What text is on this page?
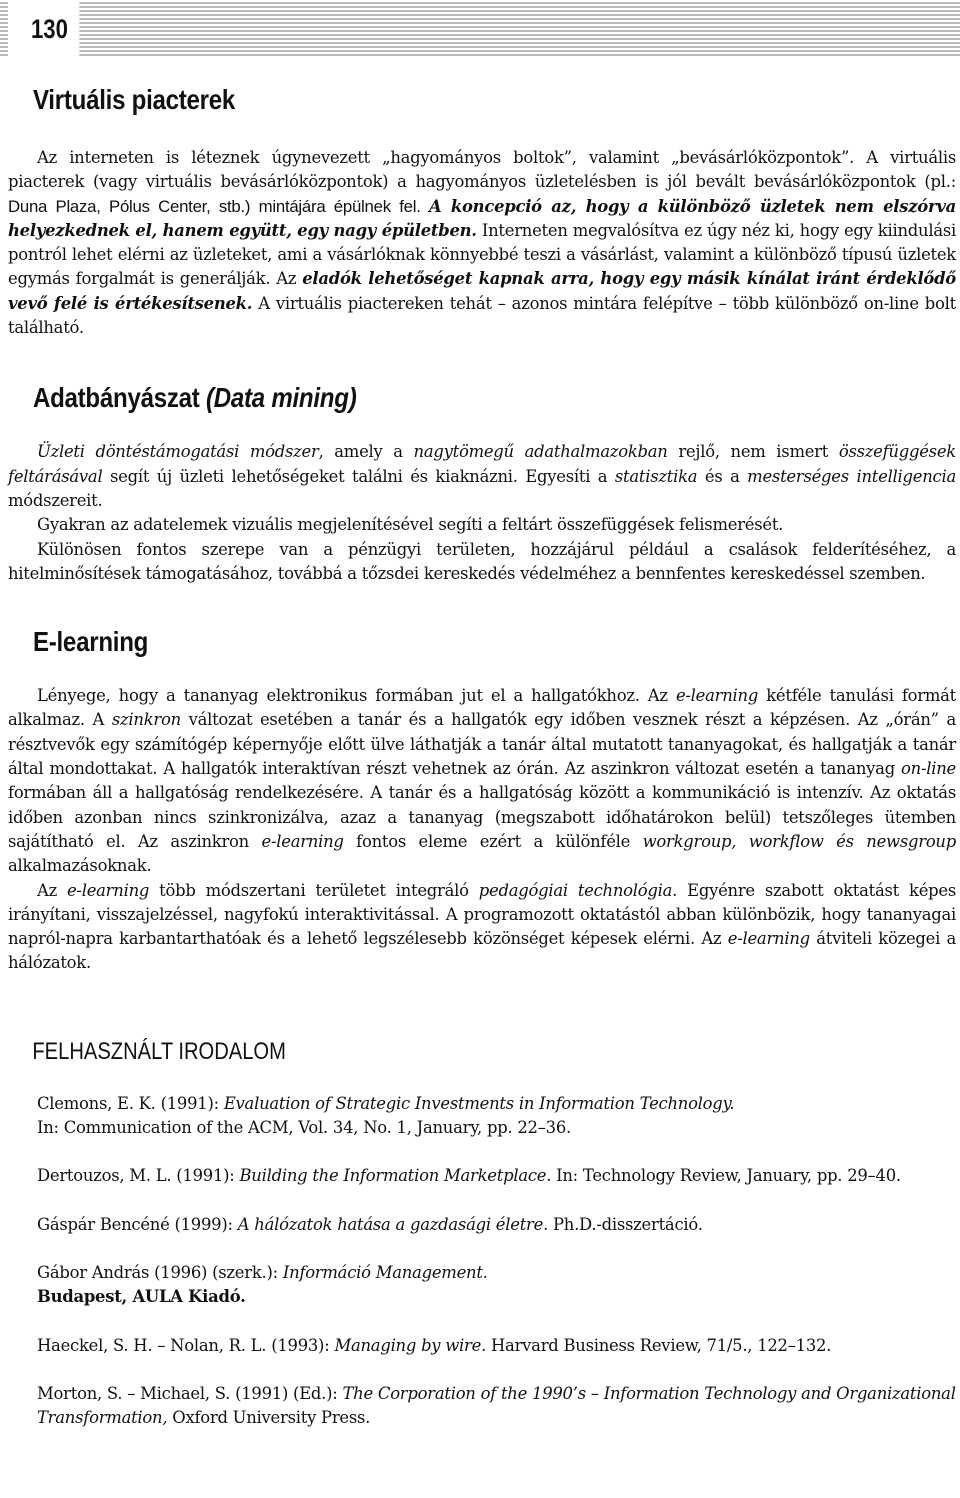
130
Virtuális piacterek

Az interneten is léteznek úgynevezett „hagyományos boltok”, valamint „bevásárlóközpontok”. A virtuális piacterek (vagy virtuális bevásárlóközpontok) a hagyományos üzletelésben is jól bevált bevásárlóközpontok (pl.: Duna Plaza, Pólus Center, stb.) mintájára épülnek fel. A koncepció az, hogy a különböző üzletek nem elszórva helyezkednek el, hanem együtt, egy nagy épületben. Interneten megvalósítva ez úgy néz ki, hogy egy kiindulási pontról lehet elérni az üzleteket, ami a vásárlóknak könnyebbé teszi a vásárlást, valamint a különböző típusú üzletek egymás forgalmát is generálják. Az eladók lehetőséget kapnak arra, hogy egy másik kínálat iránt érdeklődő vevő felé is értékesítsenek. A virtuális piactereken tehát – azonos mintára felépítve – több különböző on-line bolt található.

Adatbányászat (Data mining)

Üzleti döntéstámogatási módszer, amely a nagytömegű adathalmazokban rejlő, nem ismert összefüggések feltárásával segít új üzleti lehetőségeket találni és kiaknázni. Egyesíti a statisztika és a mesterséges intelligencia módszereit.

Gyakran az adatelemek vizuális megjelenítésével segíti a feltárt összefüggések felismerését.

Különösen fontos szerepe van a pénzügyi területen, hozzájárul például a csalások felderítéséhez, a hitelminősítések támogatásához, továbbá a tőzsdei kereskedés védelméhez a bennfentes kereskedéssel szemben.

E-learning

Lényege, hogy a tananyag elektronikus formában jut el a hallgatókhoz. Az e-learning kétféle tanulási formát alkalmaz. A szinkron változat esetében a tanár és a hallgatók egy időben vesznek részt a képzésen. Az „órán” a résztvevők egy számítógép képernyője előtt ülve láthatják a tanár által mutatott tananyagokat, és hallgatják a tanár által mondottakat. A hallgatók interaktívan részt vehetnek az órán. Az aszinkron változat esetén a tananyag on-line formában áll a hallgatóság rendelkezésére. A tanár és a hallgatóság között a kommunikáció is intenzív. Az oktatás időben azonban nincs szinkronizálva, azaz a tananyag (megszabott időhatárokon belül) tetszőleges ütemben sajátítható el. Az aszinkron e-learning fontos eleme ezért a különféle workgroup, workflow és newsgroup alkalmazásoknak.

Az e-learning több módszertani területet integráló pedagógiai technológia. Egyénre szabott oktatást képes irányítani, visszajelzéssel, nagyfokú interaktivitással. A programozott oktatástól abban különbözik, hogy tananyagai napról-napra karbantarthatóak és a lehető legszélesebb közönséget képesek elérni. Az e-learning átviteli közegei a hálózatok.

FELHASZNÁLT IRODALOM

Clemons, E. K. (1991): Evaluation of Strategic Investments in Information Technology.
In: Communication of the ACM, Vol. 34, No. 1, January, pp. 22–36.

Dertouzos, M. L. (1991): Building the Information Marketplace. In: Technology Review, January, pp. 29–40.

Gáspár Bencéné (1999): A hálózatok hatása a gazdasági életre. Ph.D.-disszertáció.

Gábor András (1996) (szerk.): Információ Management.
Budapest, AULA Kiadó.

Haeckel, S. H. – Nolan, R. L. (1993): Managing by wire. Harvard Business Review, 71/5., 122–132.

Morton, S. – Michael, S. (1991) (Ed.): The Corporation of the 1990’s – Information Technology and Organizational Transformation, Oxford University Press.
